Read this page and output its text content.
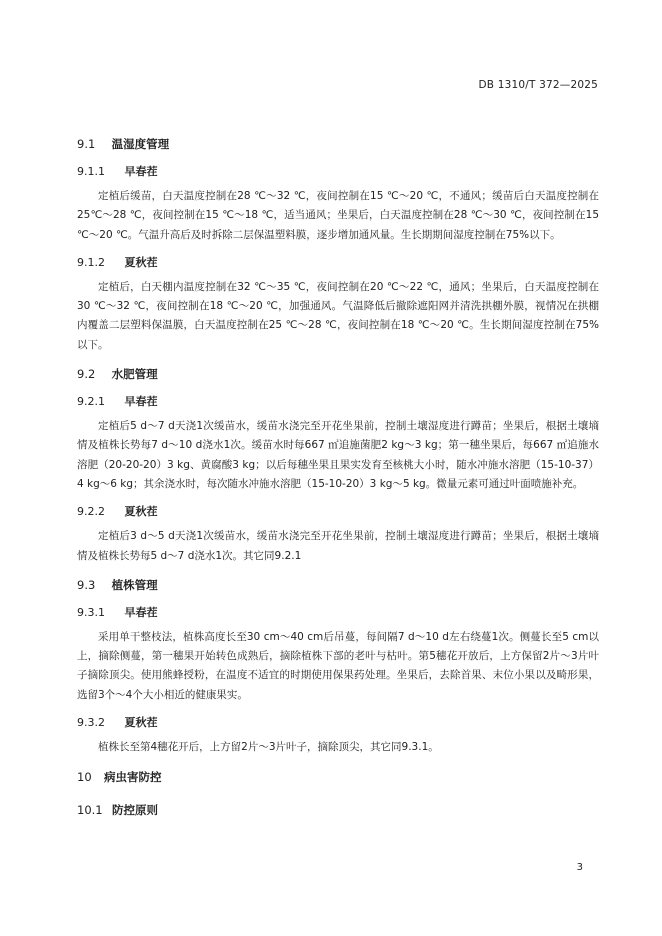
DB 1310/T 372—2025
9.1 温湿度管理
9.1.1 早春茬

定植后缓苗，白天温度控制在28 ℃～32 ℃，夜间控制在15 ℃～20 ℃，不通风；缓苗后白天温度控制在25℃～28 ℃，夜间控制在15 ℃～18 ℃，适当通风；坐果后，白天温度控制在28 ℃～30 ℃，夜间控制在15 ℃～20 ℃。气温升高后及时拆除二层保温塑料膜，逐步增加通风量。生长期期间湿度控制在75%以下。

9.1.2 夏秋茬

定植后，白天棚内温度控制在32 ℃～35 ℃，夜间控制在20 ℃～22 ℃，通风；坐果后，白天温度控制在30 ℃～32 ℃，夜间控制在18 ℃～20 ℃，加强通风。气温降低后撤除遮阳网并清洗拱棚外膜，视情况在拱棚内覆盖二层塑料保温膜，白天温度控制在25 ℃～28 ℃，夜间控制在18 ℃～20 ℃。生长期间湿度控制在75%以下。

9.2 水肥管理
9.2.1 早春茬

定植后5 d～7 d天浇1次缓苗水，缓苗水浇完至开花坐果前，控制土壤湿度进行蹲苗；坐果后，根据土壤墒情及植株长势每7 d～10 d浇水1次。缓苗水时每667 ㎡追施菌肥2 kg～3 kg；第一穗坐果后，每667 ㎡追施水溶肥（20-20-20）3 kg、黄腐酸3 kg；以后每穗坐果且果实发育至核桃大小时，随水冲施水溶肥（15-10-37）4 kg～6 kg；其余浇水时，每次随水冲施水溶肥（15-10-20）3 kg～5 kg。微量元素可通过叶面喷施补充。

9.2.2 夏秋茬

定植后3 d～5 d天浇1次缓苗水，缓苗水浇完至开花坐果前，控制土壤湿度进行蹲苗；坐果后，根据土壤墒情及植株长势每5 d～7 d浇水1次。其它同9.2.1

9.3 植株管理
9.3.1 早春茬

采用单干整枝法，植株高度长至30 cm～40 cm后吊蔓，每间隔7 d～10 d左右绕蔓1次。侧蔓长至5 cm以上，摘除侧蔓，第一穗果开始转色成熟后，摘除植株下部的老叶与枯叶。第5穗花开放后，上方保留2片～3片叶子摘除顶尖。使用熊蜂授粉，在温度不适宜的时期使用保果药处理。坐果后，去除首果、末位小果以及畸形果，选留3个～4个大小相近的健康果实。

9.3.2 夏秋茬

植株长至第4穗花开后，上方留2片～3片叶子，摘除顶尖，其它同9.3.1。

10 病虫害防控
10.1 防控原则
3
